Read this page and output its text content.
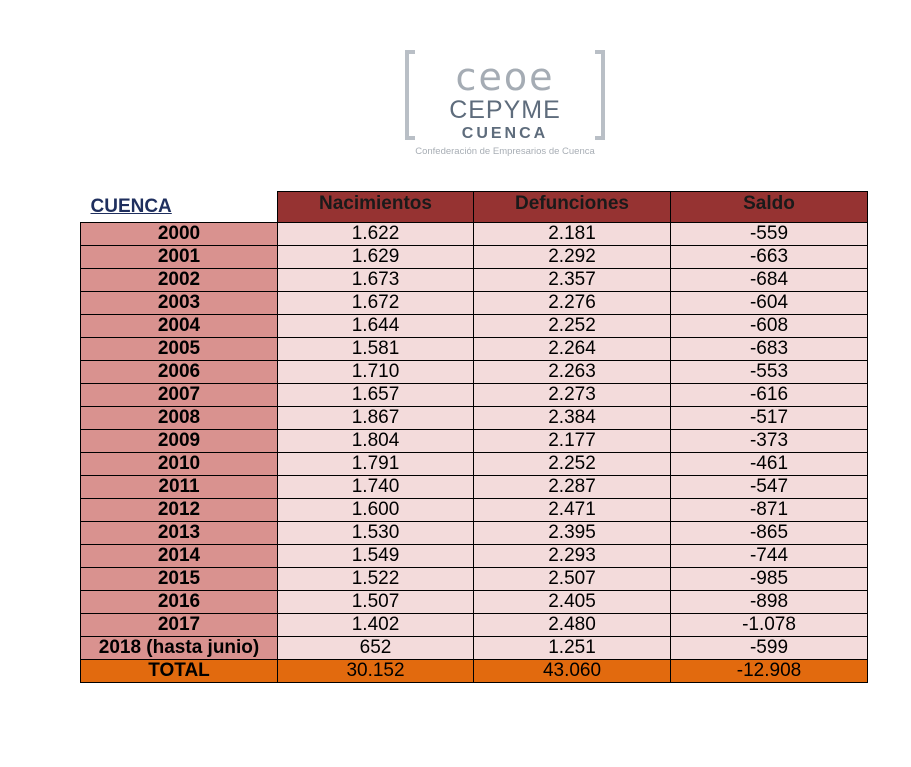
ceoe
CEPYME
CUENCA
Confederación de Empresarios de Cuenca
CUENCA	Nacimientos	Defunciones	Saldo
2000	1.622	2.181	-559
2001	1.629	2.292	-663
2002	1.673	2.357	-684
2003	1.672	2.276	-604
2004	1.644	2.252	-608
2005	1.581	2.264	-683
2006	1.710	2.263	-553
2007	1.657	2.273	-616
2008	1.867	2.384	-517
2009	1.804	2.177	-373
2010	1.791	2.252	-461
2011	1.740	2.287	-547
2012	1.600	2.471	-871
2013	1.530	2.395	-865
2014	1.549	2.293	-744
2015	1.522	2.507	-985
2016	1.507	2.405	-898
2017	1.402	2.480	-1.078
2018 (hasta junio)	652	1.251	-599
TOTAL	30.152	43.060	-12.908
